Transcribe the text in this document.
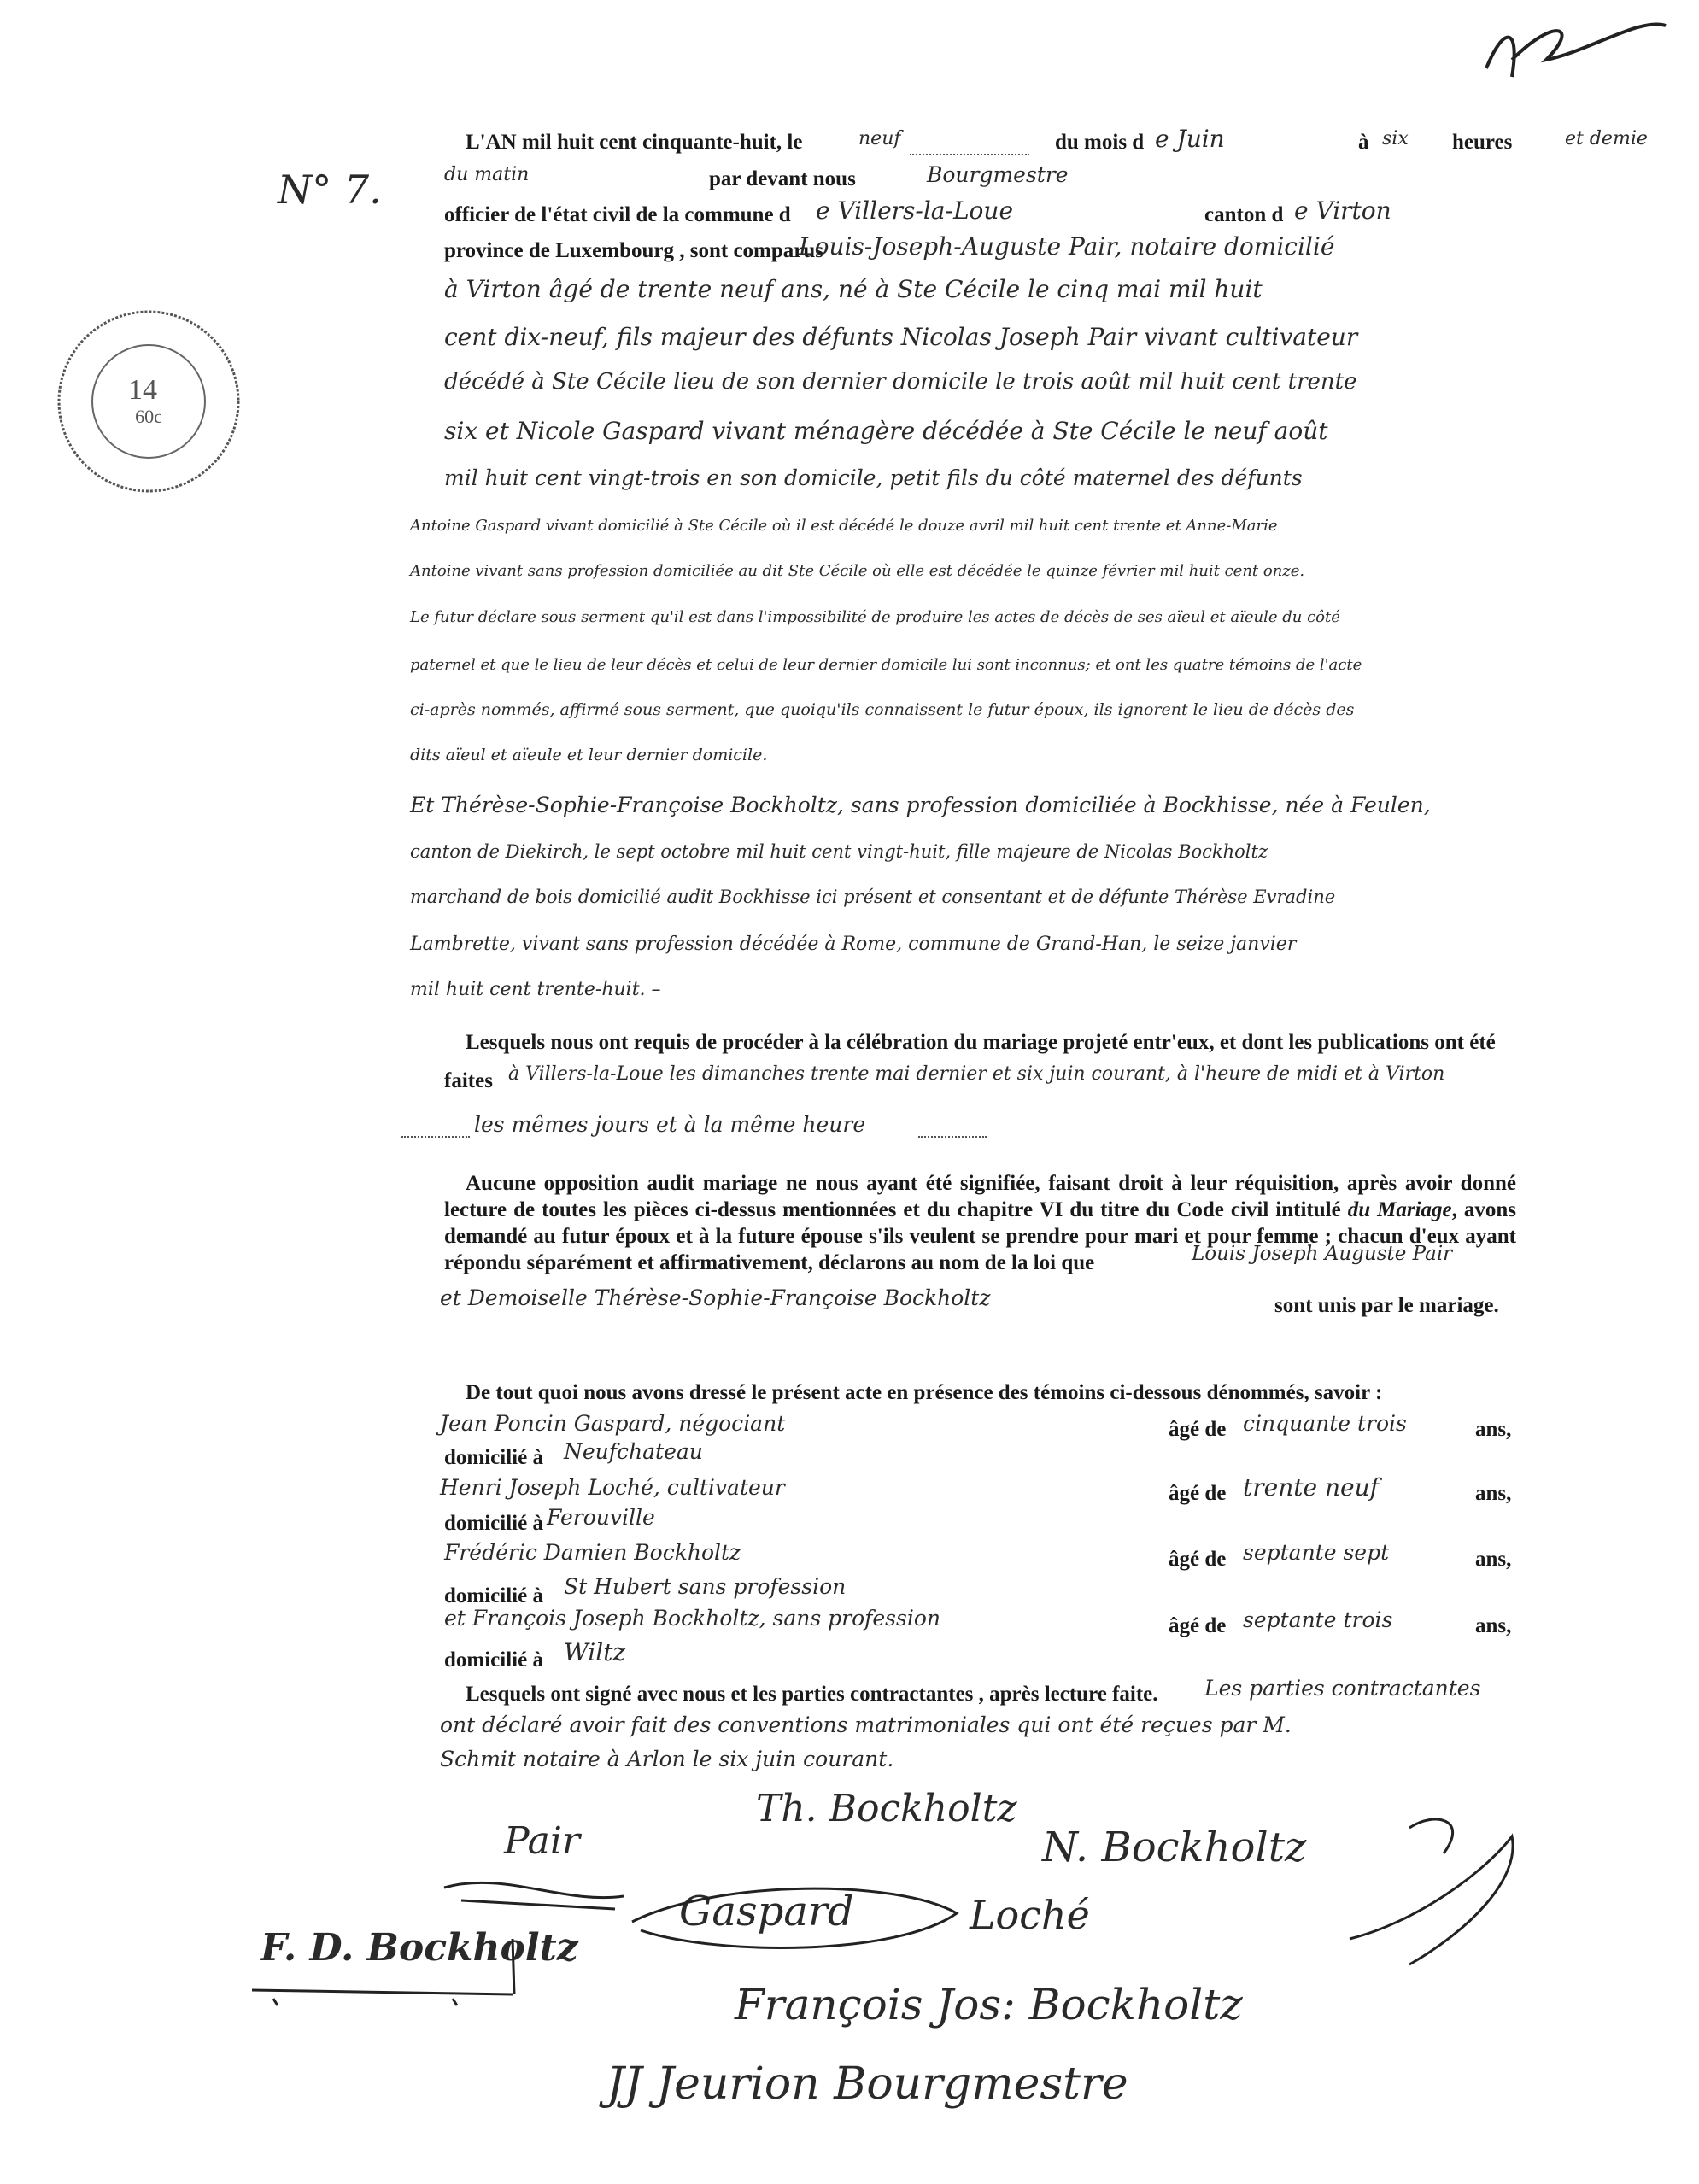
N° 7.
14
60c
L'AN mil huit cent cinquante-huit, le	neuf	du mois d e Juin	à six heures	et demie
du matin	par devant nous	Bourgmestre
officier de l'état civil de la commune d e Villers-la-Loue	canton d e Virton
province de Luxembourg , sont comparus
Louis-Joseph-Auguste Pair, notaire domicilié
à Virton âgé de trente neuf ans, né à Ste Cécile le cinq mai mil huit
cent dix-neuf, fils majeur des défunts Nicolas Joseph Pair vivant cultivateur
décédé à Ste Cécile lieu de son dernier domicile le trois août mil huit cent trente
six et Nicole Gaspard vivant ménagère décédée à Ste Cécile le neuf août
mil huit cent vingt-trois en son domicile, petit fils du côté maternel des défunts
Antoine Gaspard vivant domicilié à Ste Cécile où il est décédé le douze avril mil huit cent trente et Anne-Marie
Antoine vivant sans profession domiciliée au dit Ste Cécile où elle est décédée le quinze février mil huit cent onze.
Le futur déclare sous serment qu'il est dans l'impossibilité de produire les actes de décès de ses aïeul et aïeule du côté
paternel et que le lieu de leur décès et celui de leur dernier domicile lui sont inconnus; et ont les quatre témoins de l'acte
ci-après nommés, affirmé sous serment, que quoiqu'ils connaissent le futur époux, ils ignorent le lieu de décès des
dits aïeul et aïeule et leur dernier domicile.
Et Thérèse-Sophie-Françoise Bockholtz, sans profession domiciliée à Bockhisse, née à Feulen,
canton de Diekirch, le sept octobre mil huit cent vingt-huit, fille majeure de Nicolas Bockholtz
marchand de bois domicilié audit Bockhisse ici présent et consentant et de défunte Thérèse Evradine
Lambrette, vivant sans profession décédée à Rome, commune de Grand-Han, le seize janvier
mil huit cent trente-huit. –
Lesquels nous ont requis de procéder à la célébration du mariage projeté entr'eux, et dont les publications ont été
faites à Villers-la-Loue les dimanches trente mai dernier et six juin courant, à l'heure de midi et à Virton
les mêmes jours et à la même heure
Aucune opposition audit mariage ne nous ayant été signifiée, faisant droit à leur réquisition, après avoir donné lecture de toutes les pièces ci-dessus mentionnées et du chapitre VI du titre du Code civil intitulé du Mariage, avons demandé au futur époux et à la future épouse s'ils veulent se prendre pour mari et pour femme ; chacun d'eux ayant répondu séparément et affirmativement, déclarons au nom de la loi que	Louis Joseph Auguste Pair
et Demoiselle Thérèse-Sophie-Françoise Bockholtz	sont unis par le mariage.
De tout quoi nous avons dressé le présent acte en présence des témoins ci-dessous dénommés, savoir :
Jean Poncin Gaspard, négociant	âgé de cinquante trois	ans,
domicilié à Neufchateau
Henri Joseph Loché, cultivateur	âgé de trente neuf	ans,
domicilié à Ferouville
Frédéric Damien Bockholtz	âgé de septante sept	ans,
domicilié à St Hubert sans profession
et François Joseph Bockholtz, sans profession	âgé de septante trois	ans,
domicilié à Wiltz
Lesquels ont signé avec nous et les parties contractantes , après lecture faite. Les parties contractantes
ont déclaré avoir fait des conventions matrimoniales qui ont été reçues par M.
Schmit notaire à Arlon le six juin courant.
Pair
Th. Bockholtz
N. Bockholtz
Gaspard	Loché
F. D. Bockholtz
François Jos: Bockholtz
JJ Jeurion Bourgmestre
